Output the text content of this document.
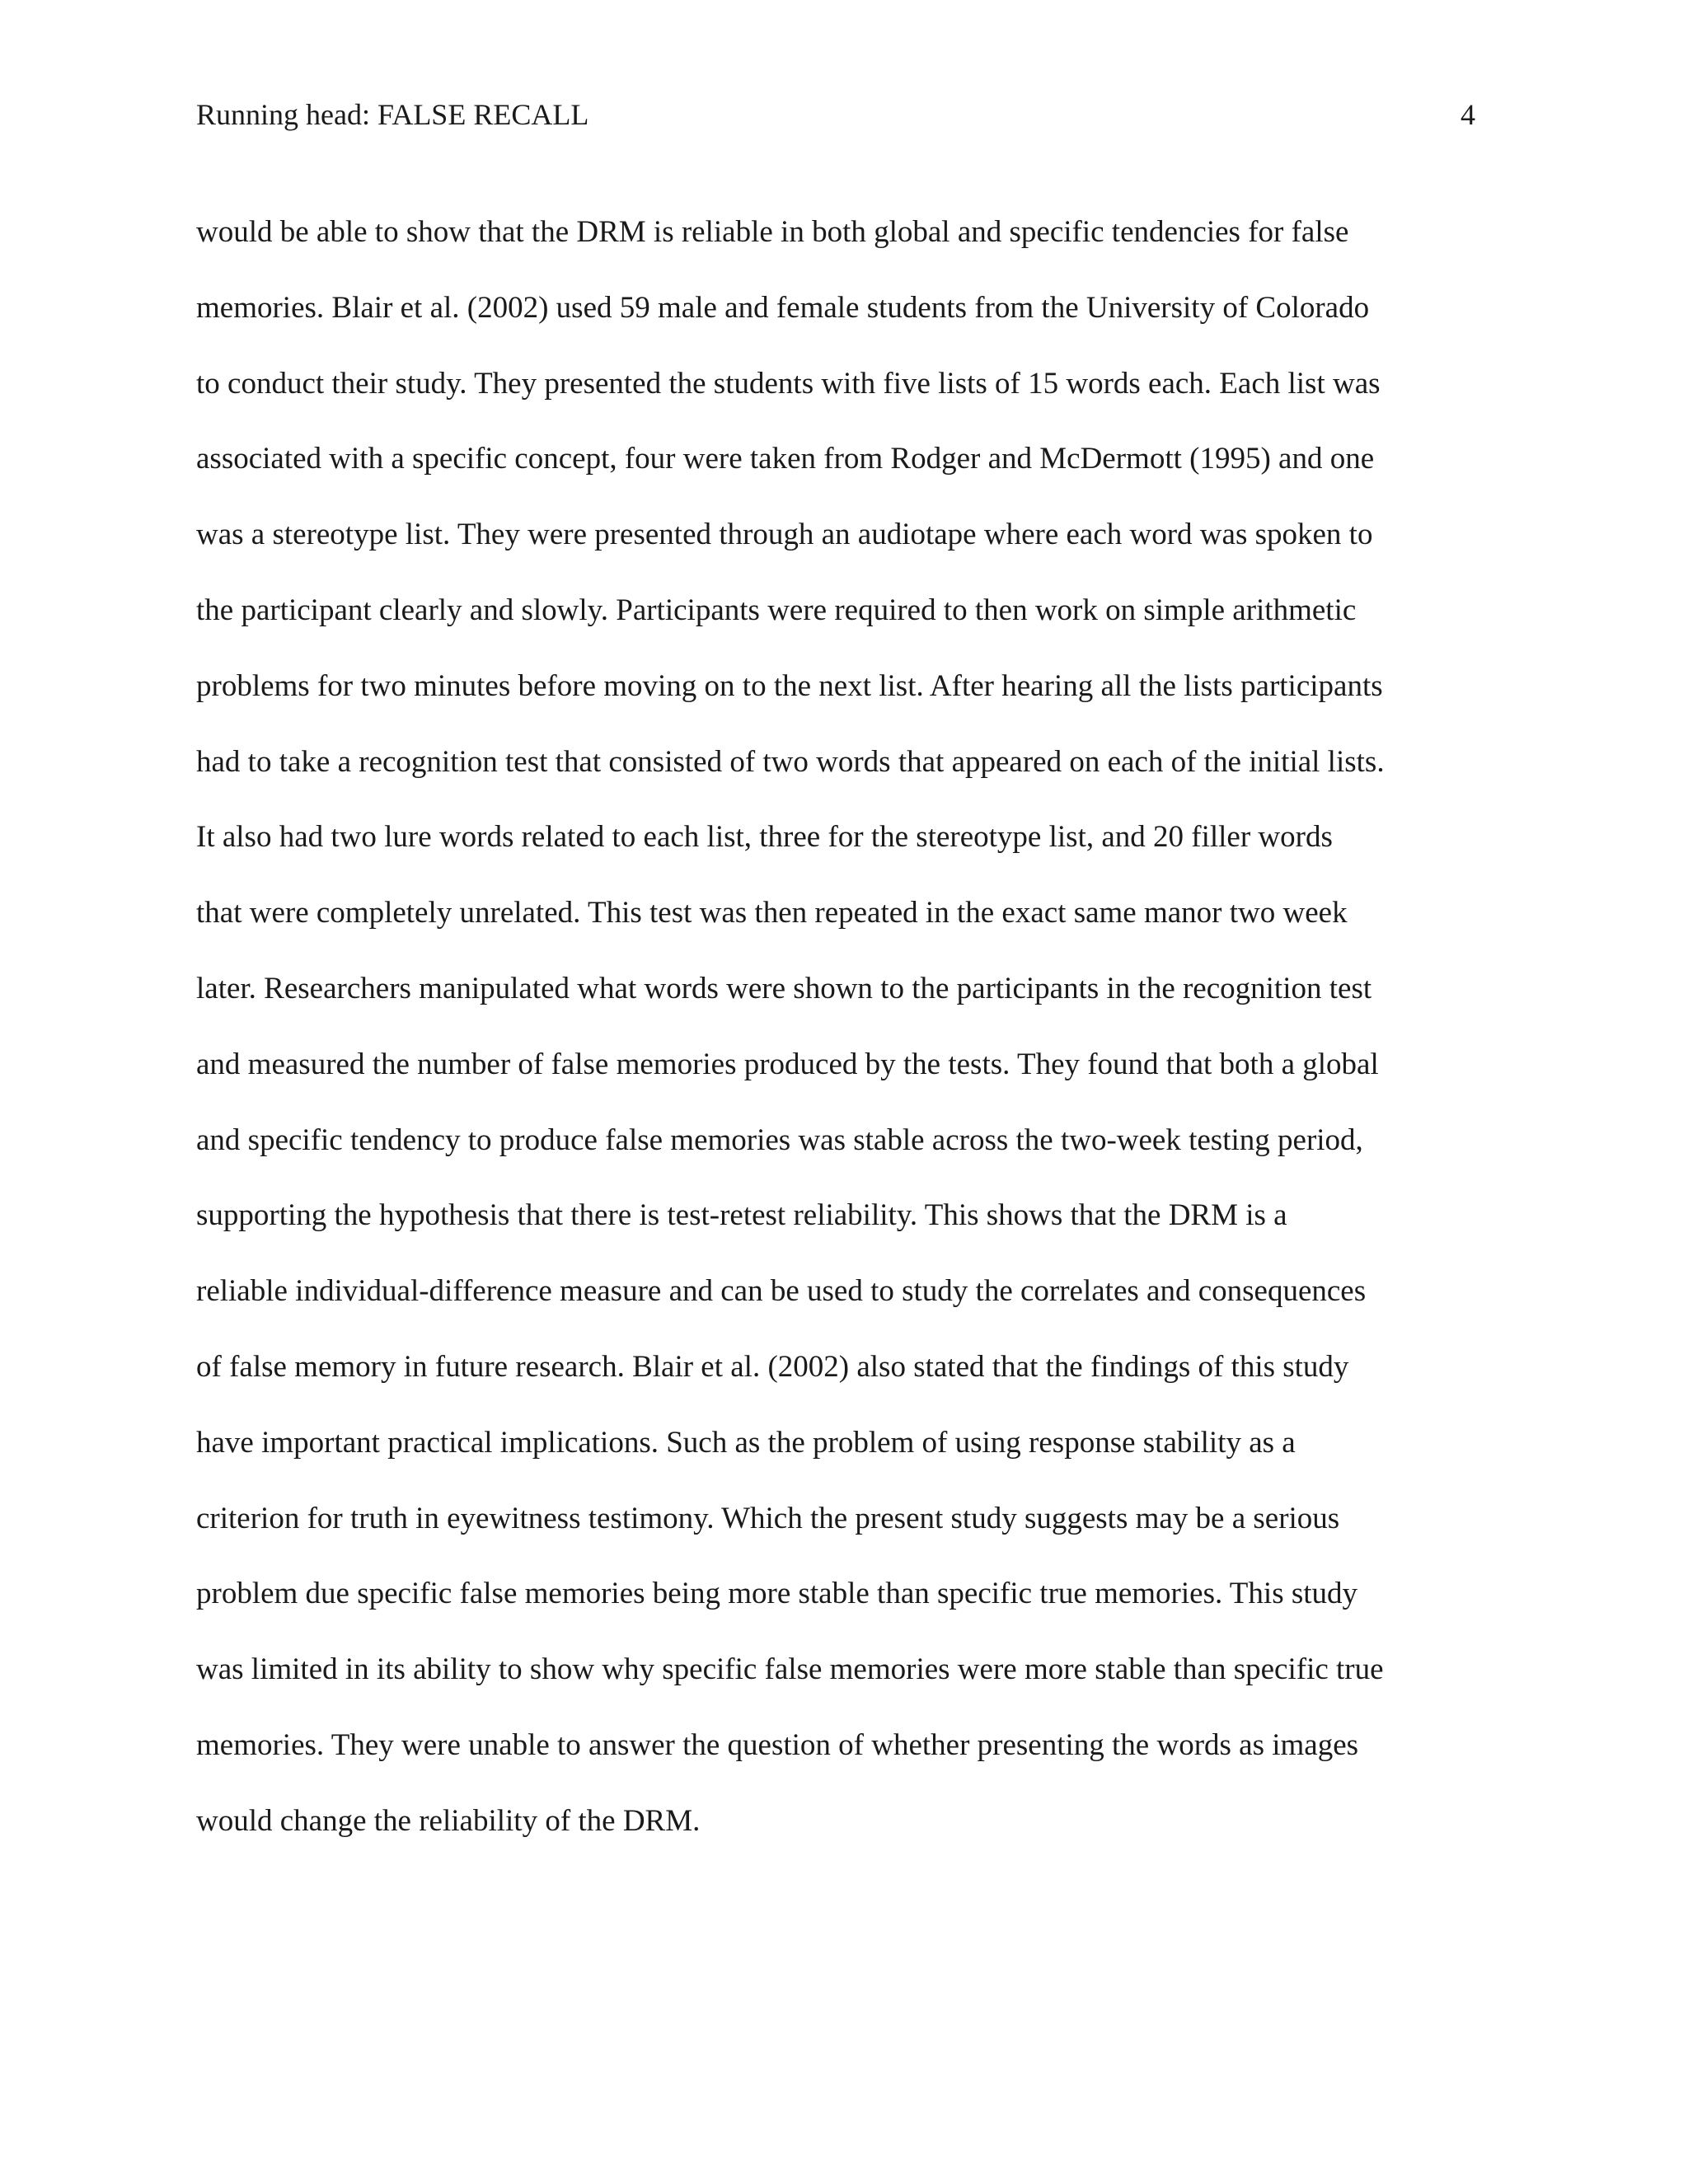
Running head: FALSE RECALL	4
would be able to show that the DRM is reliable in both global and specific tendencies for false
memories. Blair et al. (2002) used 59 male and female students from the University of Colorado
to conduct their study. They presented the students with five lists of 15 words each. Each list was
associated with a specific concept, four were taken from Rodger and McDermott (1995) and one
was a stereotype list. They were presented through an audiotape where each word was spoken to
the participant clearly and slowly. Participants were required to then work on simple arithmetic
problems for two minutes before moving on to the next list. After hearing all the lists participants
had to take a recognition test that consisted of two words that appeared on each of the initial lists.
It also had two lure words related to each list, three for the stereotype list, and 20 filler words
that were completely unrelated. This test was then repeated in the exact same manor two week
later. Researchers manipulated what words were shown to the participants in the recognition test
and measured the number of false memories produced by the tests. They found that both a global
and specific tendency to produce false memories was stable across the two-week testing period,
supporting the hypothesis that there is test-retest reliability. This shows that the DRM is a
reliable individual-difference measure and can be used to study the correlates and consequences
of false memory in future research. Blair et al. (2002) also stated that the findings of this study
have important practical implications. Such as the problem of using response stability as a
criterion for truth in eyewitness testimony. Which the present study suggests may be a serious
problem due specific false memories being more stable than specific true memories. This study
was limited in its ability to show why specific false memories were more stable than specific true
memories. They were unable to answer the question of whether presenting the words as images
would change the reliability of the DRM.
